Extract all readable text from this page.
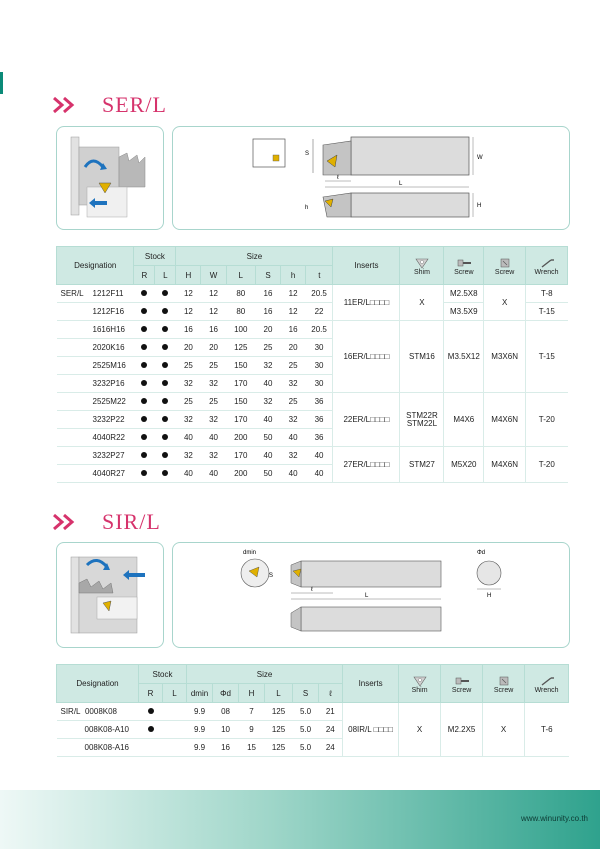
SER/L
S
W
ℓ
L
h	H
Designation	Stock		Size						Inserts	Shim	Screw	Screw	Wrench

	R	L	H	W	L	S	h	t					
SER/L 1212F11			12	12	80	16	12	20.5	11ER/L□□□□	X	M2.5X8	X	T-8
1212F16			12	12	80	16	12	22			M3.5X9		T-15
1616H16			16	16	100	20	16	20.5	16ER/L□□□□	STM16	M3.5X12	M3X6N	T-15
2020K16			20	20	125	25	20	30					
2525M16			25	25	150	32	25	30					
3232P16			32	32	170	40	32	30					
2525M22			25	25	150	32	25	36	22ER/L□□□□	STM22R
STM22L	M4X6	M4X6N	T-20
3232P22			32	32	170	40	32	36					
4040R22			40	40	200	50	40	36					
3232P27			32	32	170	40	32	40	27ER/L□□□□	STM27	M5X20	M4X6N	T-20
4040R27			40	40	200	50	40	40					
SIR/L
dmin
S
ℓ
L
Φd
H
Designation	Stock		Size						Inserts	Shim	Screw	Screw	Wrench

	R	L	dmin	Φd	H	L	S	ℓ					
SIR/L 0008K08			9.9	08	7	125	5.0	21	08IR/L □□□□	X	M2.2X5	X	T-6
008K08-A10			9.9	10	9	125	5.0	24					
008K08-A16			9.9	16	15	125	5.0	24					
www.winunity.co.th
